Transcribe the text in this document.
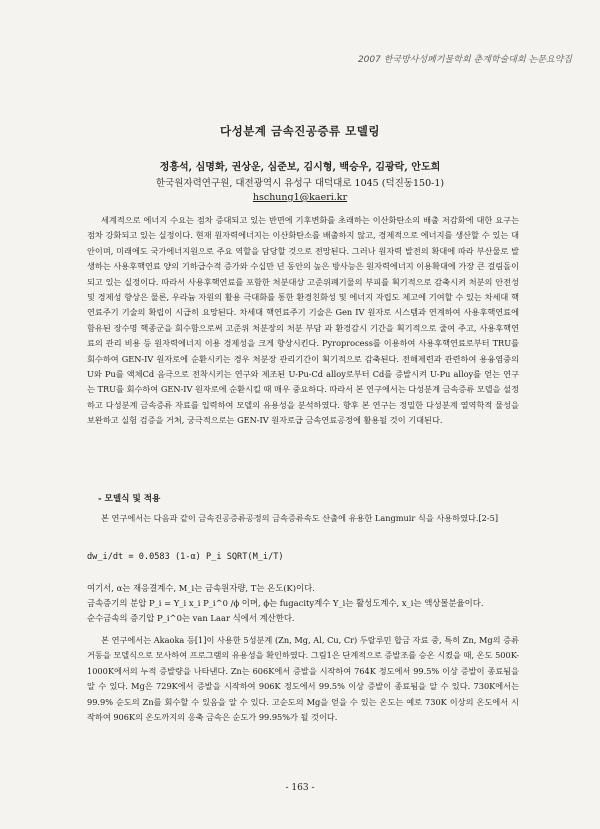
2007 한국방사성폐기물학회 춘계학술대회 논문요약집
다성분계 금속진공증류 모델링
정흥석, 심명화, 권상운, 심준보, 김시형, 백승우, 김광락, 안도희
한국원자력연구원, 대전광역시 유성구 대덕대로 1045 (덕진동150-1)
hschung1@kaeri.kr
세계적으로 에너지 수요는 점차 증대되고 있는 반면에 기후변화를 초래하는 이산화탄소의 배출 저감화에 대한 요구는 점차 강화되고 있는 실정이다. 현재 원자력에너지는 이산화탄소를 배출하지 않고, 경제적으로 에너지를 생산할 수 있는 대안이며, 미래에도 국가에너지원으로 주요 역할을 담당할 것으로 전망된다. 그러나 원자력 발전의 확대에 따라 부산물로 발생하는 사용후핵연료 양의 기하급수적 증가와 수십만 년 동안의 높은 방사능은 원자력에너지 이용확대에 가장 큰 걸림돌이 되고 있는 실정이다. 따라서 사용후핵연료를 포함한 처분대상 고준위폐기물의 부피를 획기적으로 감축시켜 처분의 안전성 및 경제성 향상은 물론, 우라늄 자원의 활용 극대화를 통한 환경친화성 및 에너지 자립도 제고에 기여할 수 있는 차세대 핵연료주기 기술의 확립이 시급히 요망된다. 차세대 핵연료주기 기술은 Gen IV 원자로 시스템과 연계하여 사용후핵연료에 함유된 장수명 핵종군을 회수함으로써 고준위 처분장의 처분 부담 과 환경감시 기간을 획기적으로 줄여 주고, 사용후핵연료의 관리 비용 등 원자력에너지 이용 경제성을 크게 향상시킨다. Pyroprocess를 이용하여 사용후핵연료로부터 TRU를 회수하여 GEN-IV 원자로에 순환시키는 경우 처분장 관리기간이 획기적으로 감축된다. 전해제련과 관련하여 용융염중의 U와 Pu를 액체Cd 음극으로 전착시키는 연구와 제조된 U-Pu-Cd alloy로부터 Cd를 증발시켜 U-Pu alloy를 얻는 연구는 TRU를 회수하여 GEN-IV 원자로에 순환시킬 때 매우 중요하다. 따라서 본 연구에서는 다성분계 금속증류 모델을 설정하고 다성분계 금속증류 자료를 입력하여 모델의 유용성을 분석하였다. 향후 본 연구는 정밀한 다성분계 열역학적 물성을 보완하고 실험 검증을 거쳐, 궁극적으로는 GEN-IV 원자로급 금속연료공정에 활용될 것이 기대된다.
- 모델식 및 적용
본 연구에서는 다음과 같이 금속진공증류공정의 금속증류속도 산출에 유용한 Langmuir 식을 사용하였다.[2-5]
dw_i/dt = 0.0583 (1-α) P_i SQRT(M_i/T)
여기서, α는 재응결계수, M_i는 금속원자량, T는 온도(K)이다.
금속증기의 분압 P_i = Υ_i x_i P_i^0 /ϕ 이며, ϕ는 fugacity계수 Υ_i는 활성도계수, x_i는 액상몰분율이다.
순수금속의 증기압 P_i^0는 van Laar 식에서 계산한다.
본 연구에서는 Akaoka 등[1]이 사용한 5성분계 (Zn, Mg, Al, Cu, Cr) 두랄루민 합금 자료 중, 특히 Zn, Mg의 증류 거동을 모델식으로 모사하여 프로그램의 유용성을 확인하였다. 그림1은 단계적으로 증발조를 승온 시켰을 때, 온도 500K-1000K에서의 누적 증발량을 나타낸다. Zn는 606K에서 증발을 시작하여 764K 정도에서 99.5% 이상 증발이 종료됨을 알 수 있다. Mg은 729K에서 증발을 시작하여 906K 정도에서 99.5% 이상 증발이 종료됨을 알 수 있다. 730K에서는 99.9% 순도의 Zn를 회수할 수 있음을 알 수 있다. 고순도의 Mg을 얻을 수 있는 온도는 예로 730K 이상의 온도에서 시작하여 906K의 온도까지의 응축 금속은 순도가 99.95%가 될 것이다.
- 163 -
